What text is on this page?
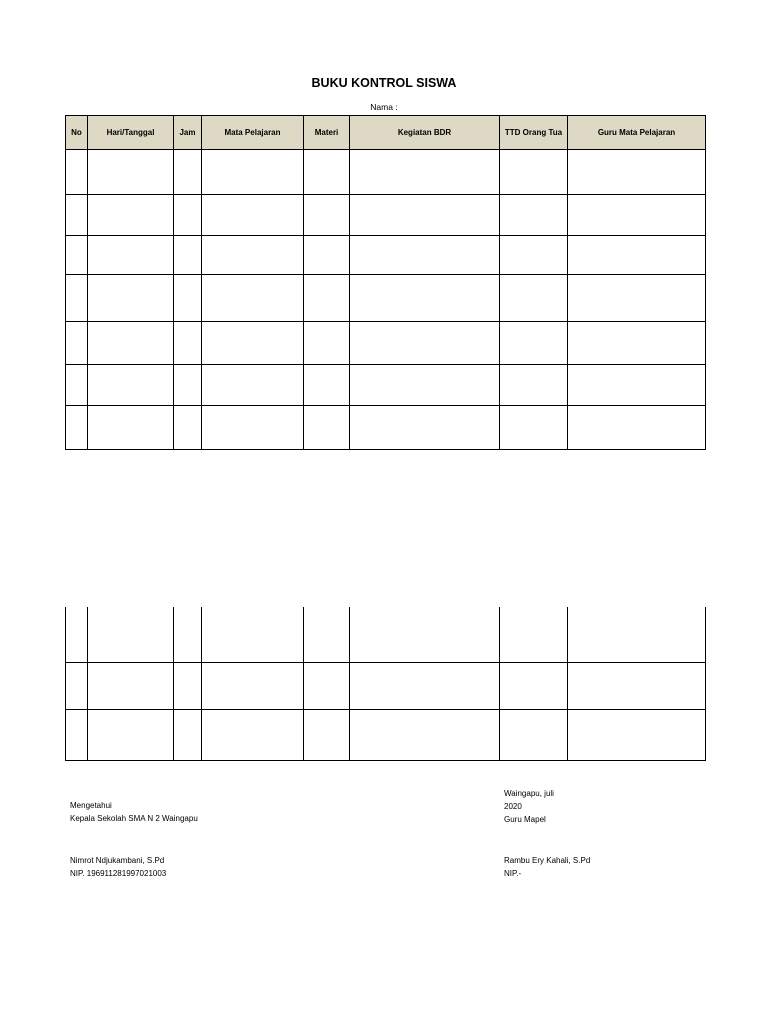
BUKU KONTROL SISWA
Nama :
No	Hari/Tanggal	Jam	Mata Pelajaran	Materi	Kegiatan BDR	TTD Orang Tua	Guru Mata Pelajaran

Mengetahui
Kepala Sekolah SMA N 2 Waingapu
Nimrot Ndjukambani, S.Pd
NIP. 196911281997021003
Waingapu, juli
2020
Guru Mapel
Rambu Ery Kahali, S.Pd
NIP.-
